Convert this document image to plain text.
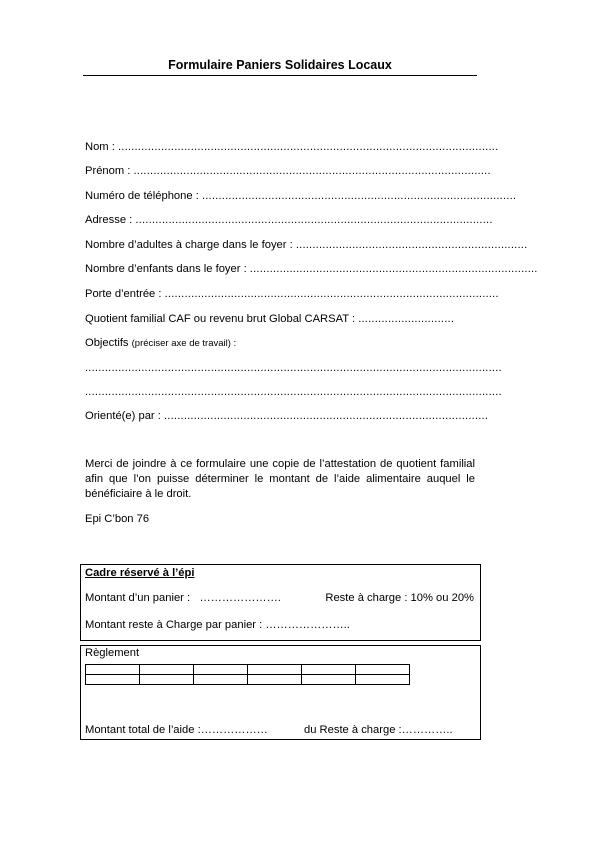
Formulaire Paniers Solidaires Locaux
Nom : ...................................................................................................................
Prénom : ............................................................................................................
Numéro de téléphone : ...............................................................................................
Adresse : ............................................................................................................
Nombre d’adultes à charge dans le foyer : ......................................................................
Nombre d’enfants dans le foyer : .......................................................................................
Porte d’entrée : .....................................................................................................
Quotient familial CAF ou revenu brut Global CARSAT : .............................
Objectifs (préciser axe de travail) :
..............................................................................................................................
..............................................................................................................................
Orienté(e) par : ..................................................................................................
Merci de joindre à ce formulaire une copie de l’attestation de quotient familial afin que l’on puisse déterminer le montant de l’aide alimentaire auquel le bénéficiaire à le droit.
Epi C’bon 76
Cadre réservé à l’épi
Montant d’un panier : ………………….	Reste à charge : 10% ou 20%
Montant reste à Charge par panier : …………………..
Règlement
Montant total de l’aide :………………	du Reste à charge :…………..
